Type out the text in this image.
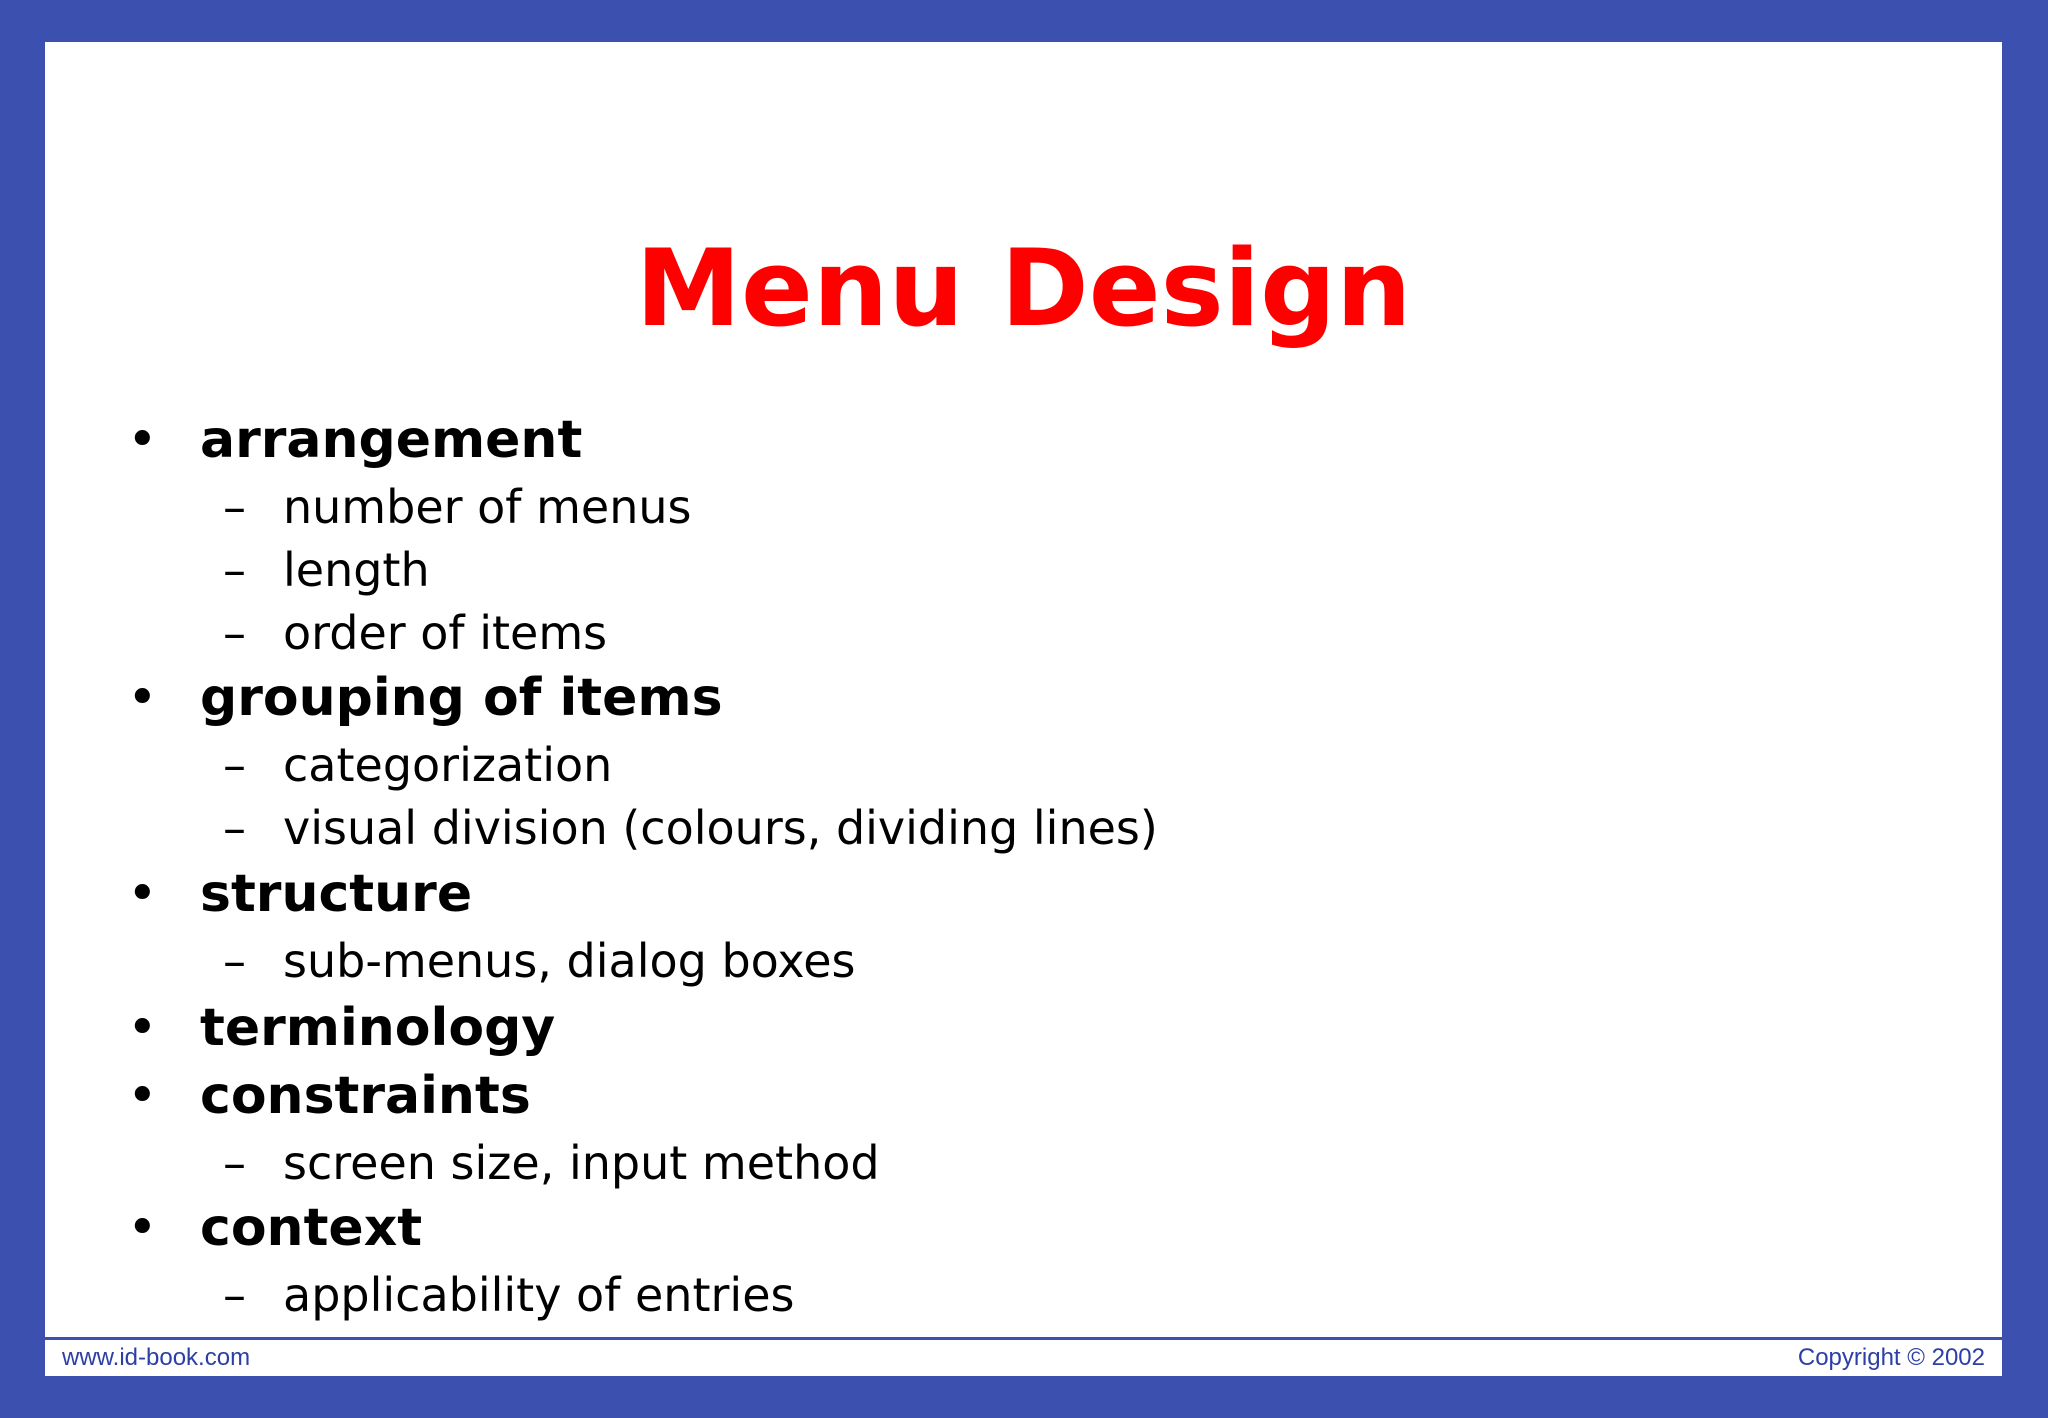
Menu Design
• arrangement
– number of menus
– length
– order of items
• grouping of items
– categorization
– visual division (colours, dividing lines)
• structure
– sub-menus, dialog boxes
• terminology
• constraints
– screen size, input method
• context
– applicability of entries
www.id-book.com	Copyright © 2002
